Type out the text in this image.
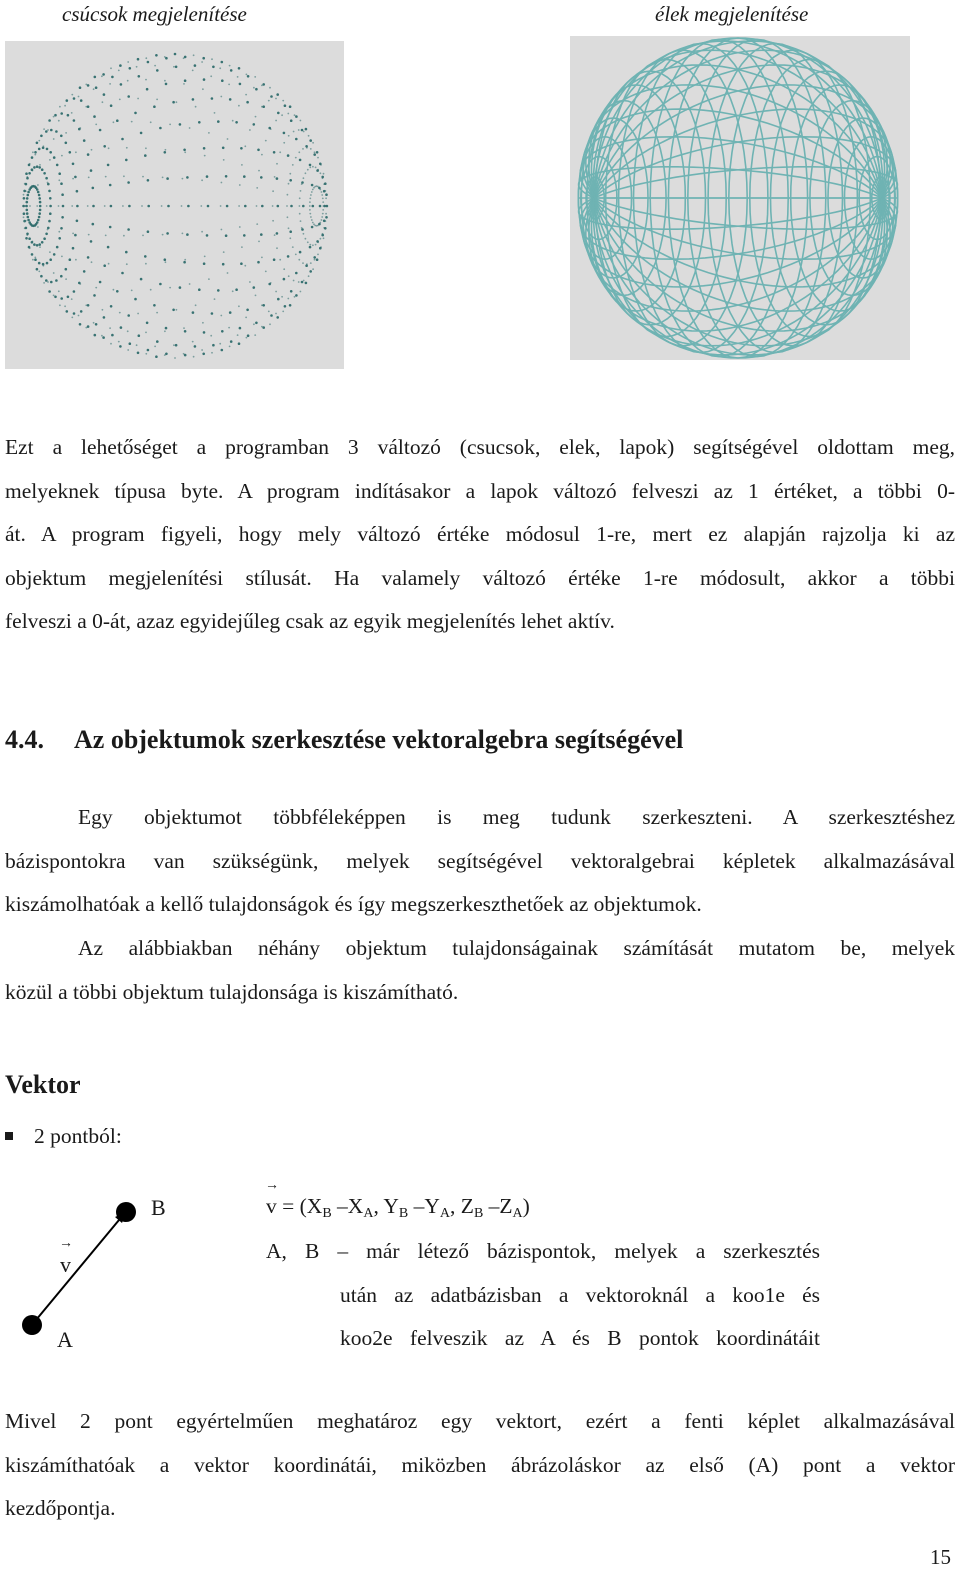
csúcsok megjelenítése	élek megjelenítése
Ezt a lehetőséget a programban 3 változó (csucsok, elek, lapok) segítségével oldottam meg,
melyeknek típusa byte. A program indításakor a lapok változó felveszi az 1 értéket, a többi 0-
át. A program figyeli, hogy mely változó értéke módosul 1-re, mert ez alapján rajzolja ki az
objektum megjelenítési stílusát. Ha valamely változó értéke 1-re módosult, akkor a többi
felveszi a 0-át, azaz egyidejűleg csak az egyik megjelenítés lehet aktív.
4.4. Az objektumok szerkesztése vektoralgebra segítségével
Egy objektumot többféleképpen is meg tudunk szerkeszteni. A szerkesztéshez
bázispontokra van szükségünk, melyek segítségével vektoralgebrai képletek alkalmazásával
kiszámolhatóak a kellő tulajdonságok és így megszerkeszthetőek az objektumok.
Az alábbiakban néhány objektum tulajdonságainak számítását mutatom be, melyek
közül a többi objektum tulajdonsága is kiszámítható.
Vektor
2 pontból:
B
A
→ v
→ $v = (X_B$ $-X_A$, $Y_B$ $-Y_A$, $Z_B$ $-Z_A$)
A, B – már létező bázispontok, melyek a szerkesztés
után az adatbázisban a vektoroknál a koo1e és
koo2e felveszik az A és B pontok koordinátáit
Mivel 2 pont egyértelműen meghatároz egy vektort, ezért a fenti képlet alkalmazásával
kiszámíthatóak a vektor koordinátái, miközben ábrázoláskor az első (A) pont a vektor
kezdőpontja.
15
